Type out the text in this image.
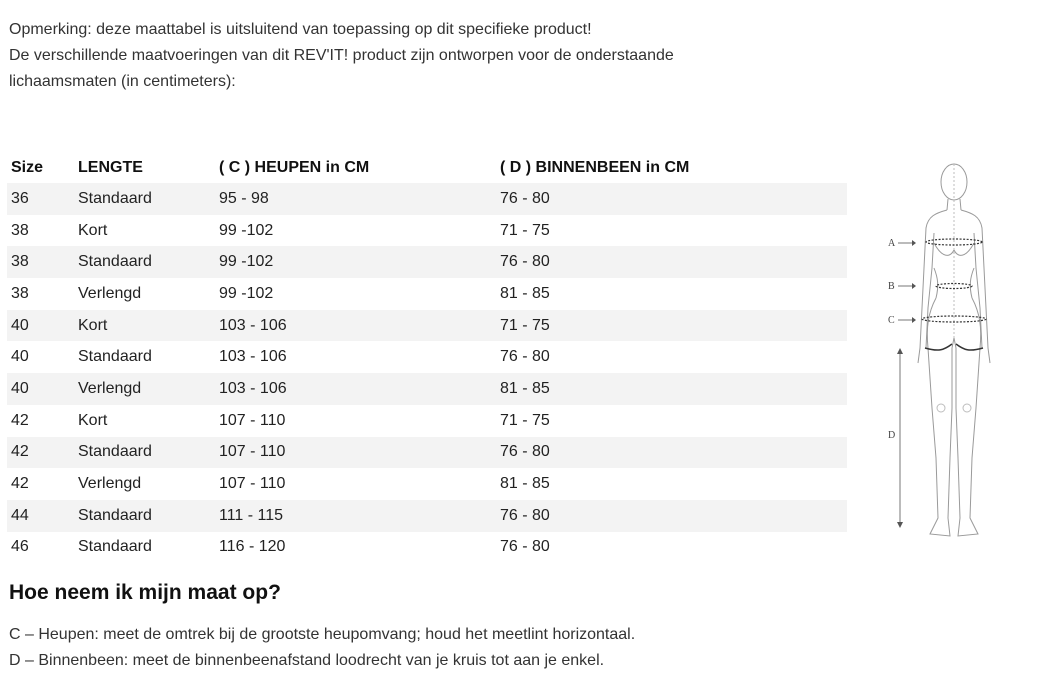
Opmerking: deze maattabel is uitsluitend van toepassing op dit specifieke product!

De verschillende maatvoeringen van dit REV'IT! product zijn ontworpen voor de onderstaande

lichaamsmaten (in centimeters):

Size	LENGTE	( C ) HEUPEN in CM	( D ) BINNENBEEN in CM
36	Standaard	95 - 98	76 - 80
38	Kort	99 -102	71 - 75
38	Standaard	99 -102	76 - 80
38	Verlengd	99 -102	81 - 85
40	Kort	103 - 106	71 - 75
40	Standaard	103 - 106	76 - 80
40	Verlengd	103 - 106	81 - 85
42	Kort	107 - 110	71 - 75
42	Standaard	107 - 110	76 - 80
42	Verlengd	107 - 110	81 - 85
44	Standaard	111 - 115	76 - 80
46	Standaard	116 - 120	76 - 80
A
B
C
D
Hoe neem ik mijn maat op?

C – Heupen: meet de omtrek bij de grootste heupomvang; houd het meetlint horizontaal.

D – Binnenbeen: meet de binnenbeenafstand loodrecht van je kruis tot aan je enkel.
